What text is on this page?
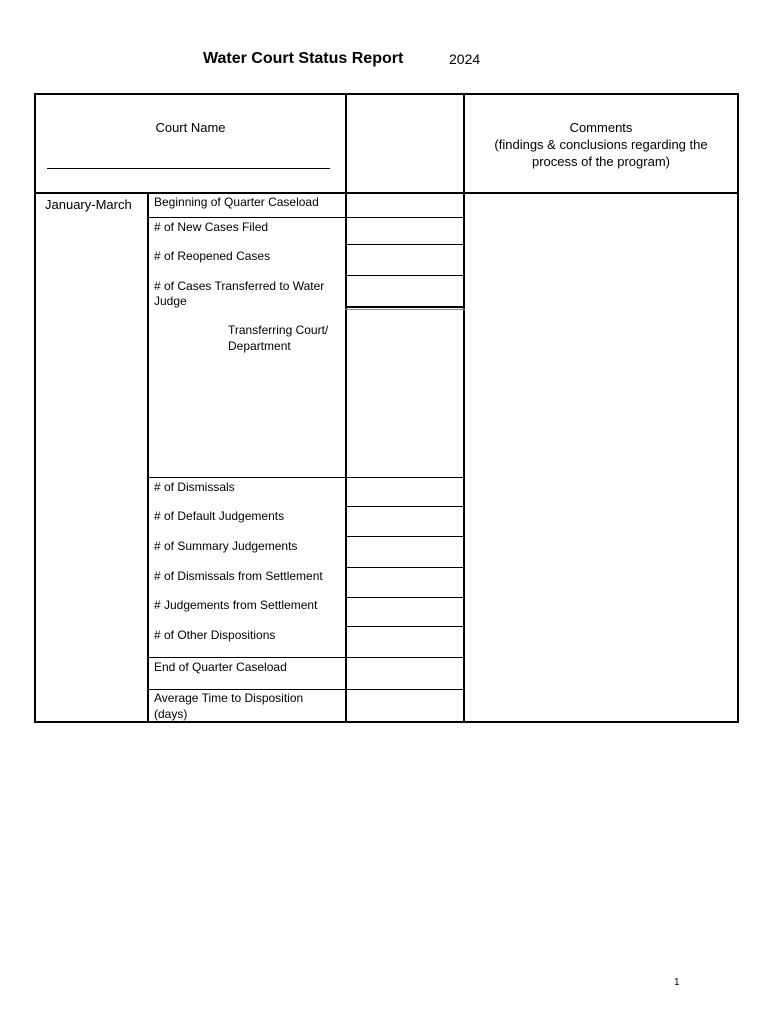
Water Court Status Report	2024
Court Name	Comments
(findings & conclusions regarding the
process of the program)
January-March Beginning of Quarter Caseload
# of New Cases Filed
# of Reopened Cases
# of Cases Transferred to Water
Judge
Transferring Court/
Department
# of Dismissals
# of Default Judgements
# of Summary Judgements
# of Dismissals from Settlement
# Judgements from Settlement
# of Other Dispositions
End of Quarter Caseload
Average Time to Disposition
(days)
1
